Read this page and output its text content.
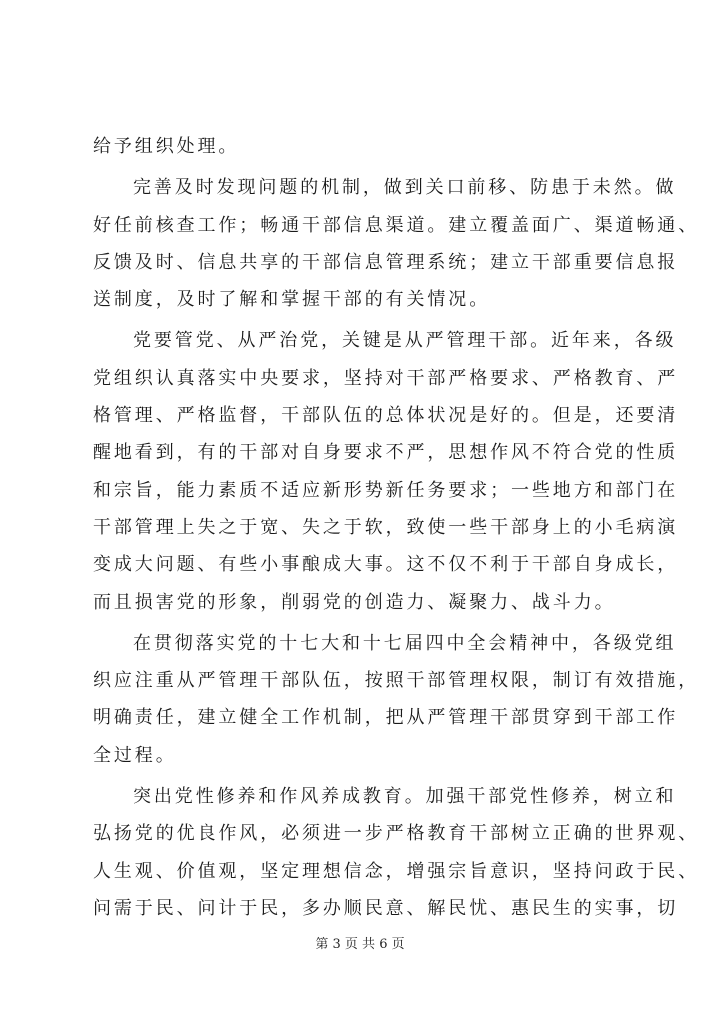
给予组织处理。
完善及时发现问题的机制，做到关口前移、防患于未然。做
好任前核查工作；畅通干部信息渠道。建立覆盖面广、渠道畅通、
反馈及时、信息共享的干部信息管理系统；建立干部重要信息报
送制度，及时了解和掌握干部的有关情况。
党要管党、从严治党，关键是从严管理干部。近年来，各级
党组织认真落实中央要求，坚持对干部严格要求、严格教育、严
格管理、严格监督，干部队伍的总体状况是好的。但是，还要清
醒地看到，有的干部对自身要求不严，思想作风不符合党的性质
和宗旨，能力素质不适应新形势新任务要求；一些地方和部门在
干部管理上失之于宽、失之于软，致使一些干部身上的小毛病演
变成大问题、有些小事酿成大事。这不仅不利于干部自身成长，
而且损害党的形象，削弱党的创造力、凝聚力、战斗力。
在贯彻落实党的十七大和十七届四中全会精神中，各级党组
织应注重从严管理干部队伍，按照干部管理权限，制订有效措施，
明确责任，建立健全工作机制，把从严管理干部贯穿到干部工作
全过程。
突出党性修养和作风养成教育。加强干部党性修养，树立和
弘扬党的优良作风，必须进一步严格教育干部树立正确的世界观、
人生观、价值观，坚定理想信念，增强宗旨意识，坚持问政于民、
问需于民、问计于民，多办顺民意、解民忧、惠民生的实事，切
第 3 页 共 6 页
